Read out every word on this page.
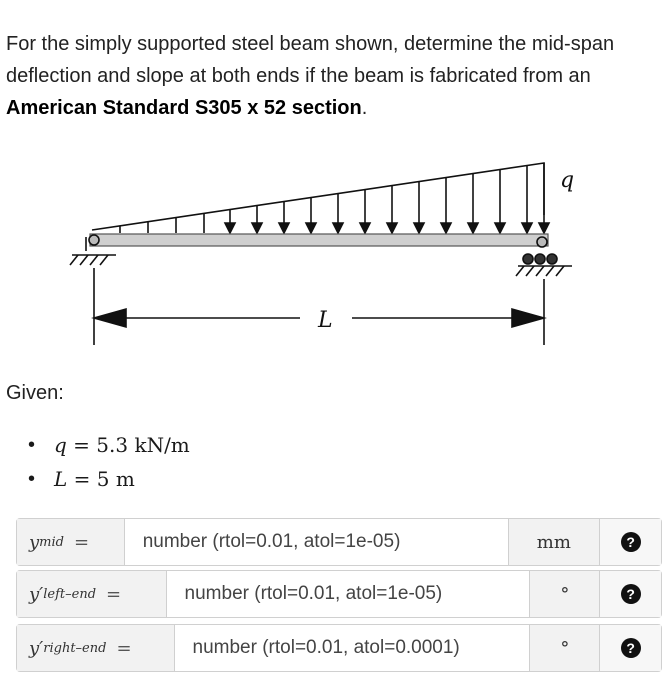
For the simply supported steel beam shown, determine the mid-span deflection and slope at both ends if the beam is fabricated from an American Standard S305 x 52 section.
q
L
Given:
• q
= 5.3 kN/m
• L
= 5 m
y mid =	number (rtol=0.01, atol=1e-05)	mm	?
y ′ left–end =	number (rtol=0.01, atol=1e-05)	°	?
y ′ right–end =	number (rtol=0.01, atol=0.0001)	°	?
